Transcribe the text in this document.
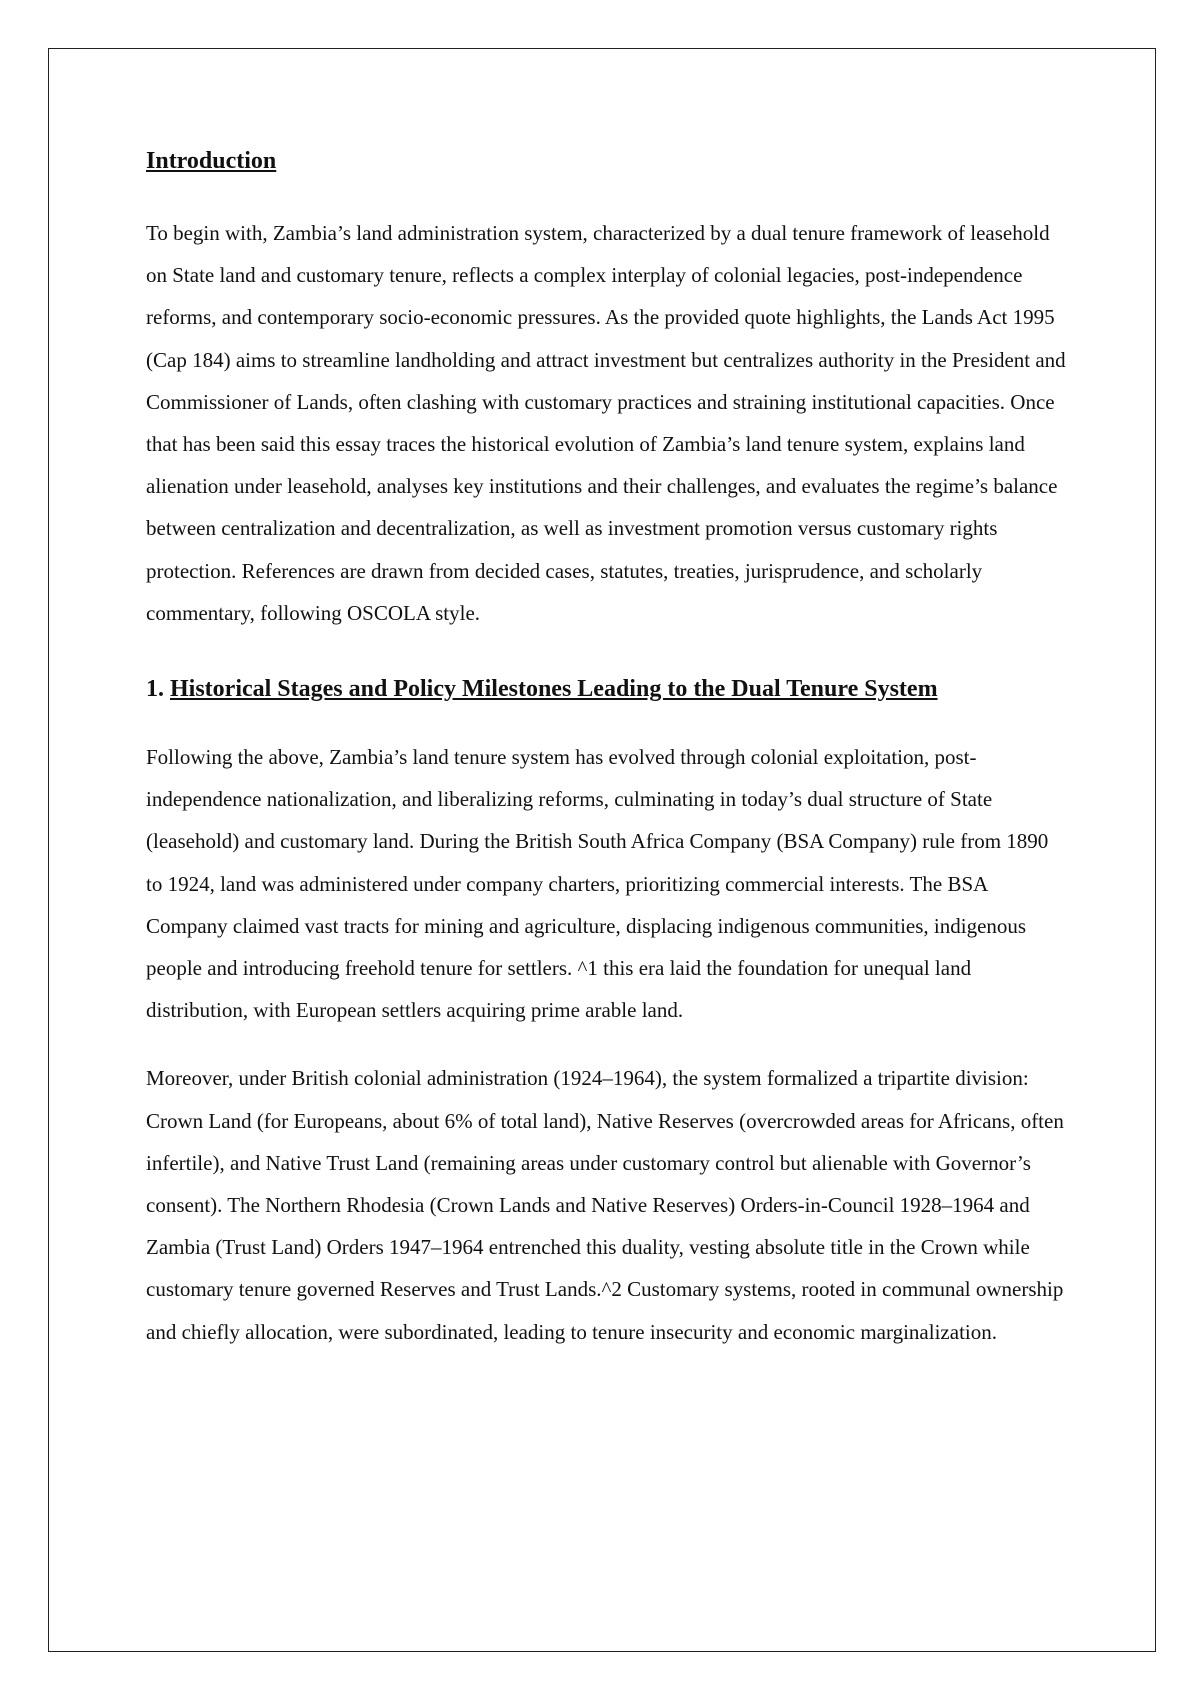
Introduction

To begin with, Zambia’s land administration system, characterized by a dual tenure framework of leasehold on State land and customary tenure, reflects a complex interplay of colonial legacies, post-independence reforms, and contemporary socio-economic pressures. As the provided quote highlights, the Lands Act 1995 (Cap 184) aims to streamline landholding and attract investment but centralizes authority in the President and Commissioner of Lands, often clashing with customary practices and straining institutional capacities. Once that has been said this essay traces the historical evolution of Zambia’s land tenure system, explains land alienation under leasehold, analyses key institutions and their challenges, and evaluates the regime’s balance between centralization and decentralization, as well as investment promotion versus customary rights protection. References are drawn from decided cases, statutes, treaties, jurisprudence, and scholarly commentary, following OSCOLA style.

1. Historical Stages and Policy Milestones Leading to the Dual Tenure System

Following the above, Zambia’s land tenure system has evolved through colonial exploitation, post-independence nationalization, and liberalizing reforms, culminating in today’s dual structure of State (leasehold) and customary land. During the British South Africa Company (BSA Company) rule from 1890 to 1924, land was administered under company charters, prioritizing commercial interests. The BSA Company claimed vast tracts for mining and agriculture, displacing indigenous communities, indigenous people and introducing freehold tenure for settlers. ^1 this era laid the foundation for unequal land distribution, with European settlers acquiring prime arable land.

Moreover, under British colonial administration (1924–1964), the system formalized a tripartite division: Crown Land (for Europeans, about 6% of total land), Native Reserves (overcrowded areas for Africans, often infertile), and Native Trust Land (remaining areas under customary control but alienable with Governor’s consent). The Northern Rhodesia (Crown Lands and Native Reserves) Orders-in-Council 1928–1964 and Zambia (Trust Land) Orders 1947–1964 entrenched this duality, vesting absolute title in the Crown while customary tenure governed Reserves and Trust Lands.^2 Customary systems, rooted in communal ownership and chiefly allocation, were subordinated, leading to tenure insecurity and economic marginalization.
